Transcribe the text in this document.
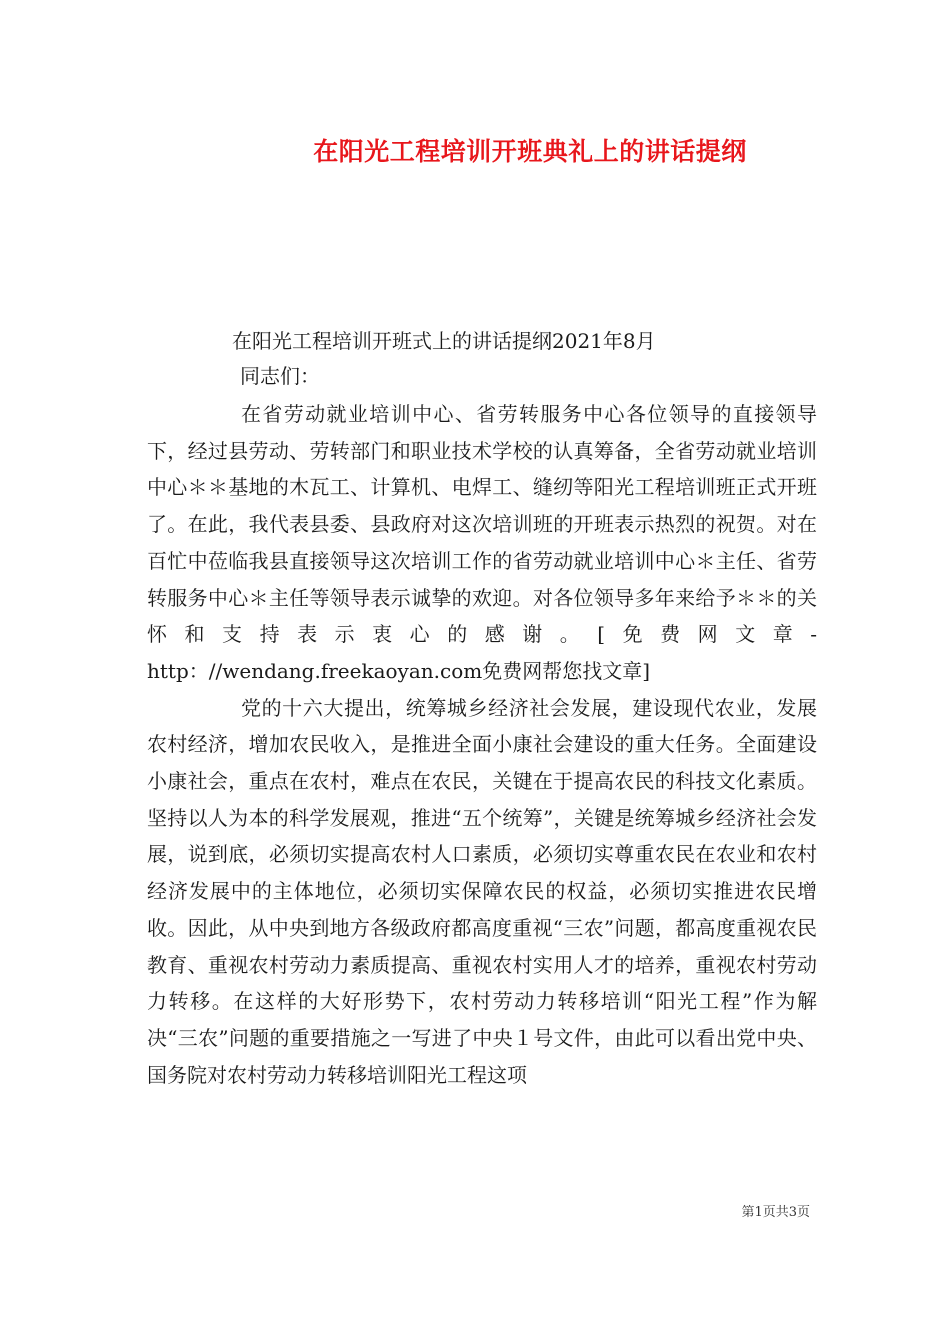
在阳光工程培训开班典礼上的讲话提纲
在阳光工程培训开班式上的讲话提纲2021年8月
同志们：

在省劳动就业培训中心、省劳转服务中心各位领导的直接领导下，经过县劳动、劳转部门和职业技术学校的认真筹备，全省劳动就业培训中心＊＊基地的木瓦工、计算机、电焊工、缝纫等阳光工程培训班正式开班了。在此，我代表县委、县政府对这次培训班的开班表示热烈的祝贺。对在百忙中莅临我县直接领导这次培训工作的省劳动就业培训中心＊主任、省劳转服务中心＊主任等领导表示诚挚的欢迎。对各位领导多年来给予＊＊的关怀和支持表示衷心的感谢。[免费网文章-http：//wendang.freekaoyan.com免费网帮您找文章]

党的十六大提出，统筹城乡经济社会发展，建设现代农业，发展农村经济，增加农民收入，是推进全面小康社会建设的重大任务。全面建设小康社会，重点在农村，难点在农民，关键在于提高农民的科技文化素质。坚持以人为本的科学发展观，推进“五个统筹”，关键是统筹城乡经济社会发展，说到底，必须切实提高农村人口素质，必须切实尊重农民在农业和农村经济发展中的主体地位，必须切实保障农民的权益，必须切实推进农民增收。因此，从中央到地方各级政府都高度重视“三农”问题，都高度重视农民教育、重视农村劳动力素质提高、重视农村实用人才的培养，重视农村劳动力转移。在这样的大好形势下，农村劳动力转移培训“阳光工程”作为解决“三农”问题的重要措施之一写进了中央１号文件，由此可以看出党中央、国务院对农村劳动力转移培训阳光工程这项

第1页共3页
